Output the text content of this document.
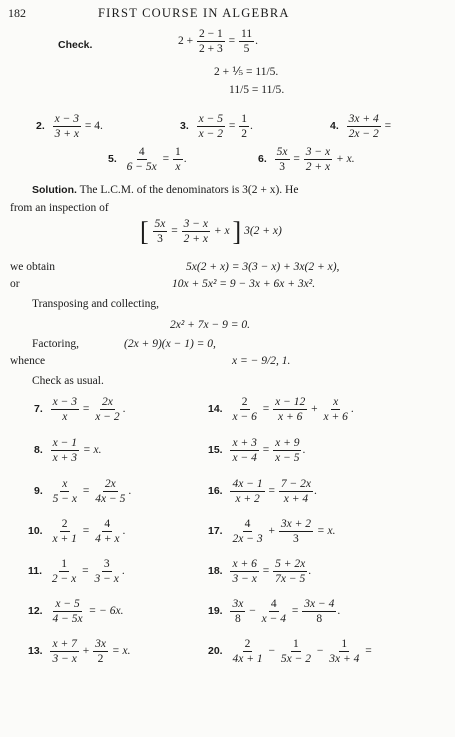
182	FIRST COURSE IN ALGEBRA
Check.	$2 + \frac{2 - 1}{2 + 3} = \frac{11}{5}$ .
2 + ⅕ = 11/5.
11/5 = 11/5.
2. $\frac{x - 3}{3 + x} = 4$.	3. $\frac{x - 5}{x - 2} = \frac{1}{2}$ .	4. $\frac{3x + 4}{2x - 2}$ =
5. $\frac{4}{6 - 5x} = \frac{1}{x}$ .	6. $\frac{5x}{3} = \frac{3 - x}{2 + x} + x$.
Solution. The L.C.M. of the denominators is 3(2 + x). He
from an inspection of
[ $\frac{5x}{3} = \frac{3 - x}{2 + x} + x$ ] 3(2 + x)
we obtain	5x(2 + x) = 3(3 − x) + 3x(2 + x),
or	10x + 5x² = 9 − 3x + 6x + 3x².
Transposing and collecting,
2x² + 7x − 9 = 0.
Factoring,	(2x + 9)(x − 1) = 0,
whence	x = − 9/2, 1.
Check as usual.
7. $\frac{x - 3}{x} = \frac{2x}{x - 2}$ .
8. $\frac{x - 1}{x + 3} = x$.
9. $\frac{x}{5 - x} = \frac{2x}{4x - 5}$ .
10. $\frac{2}{x + 1} = \frac{4}{4 + x}$ .
11. $\frac{1}{2 - x} = \frac{3}{3 - x}$ .
12. $\frac{x - 5}{4 - 5x}$ = − 6x.
13. $\frac{x + 7}{3 - x} + \frac{3x}{2} = x$.
14. $\frac{2}{x - 6} = \frac{x - 12}{x + 6} + \frac{x}{x + 6}$ .
15. $\frac{x + 3}{x - 4} = \frac{x + 9}{x - 5}$ .
16. $\frac{4x - 1}{x + 2} = \frac{7 - 2x}{x + 4}$ .
17. $\frac{4}{2x - 3} + \frac{3x + 2}{3} = x$.
18. $\frac{x + 6}{3 - x} = \frac{5 + 2x}{7x - 5}$ .
19. $\frac{3x}{8} - \frac{4}{x - 4} = \frac{3x - 4}{8}$ .
20. $\frac{2}{4x + 1} - \frac{1}{5x - 2} - \frac{1}{3x + 4}$ =
